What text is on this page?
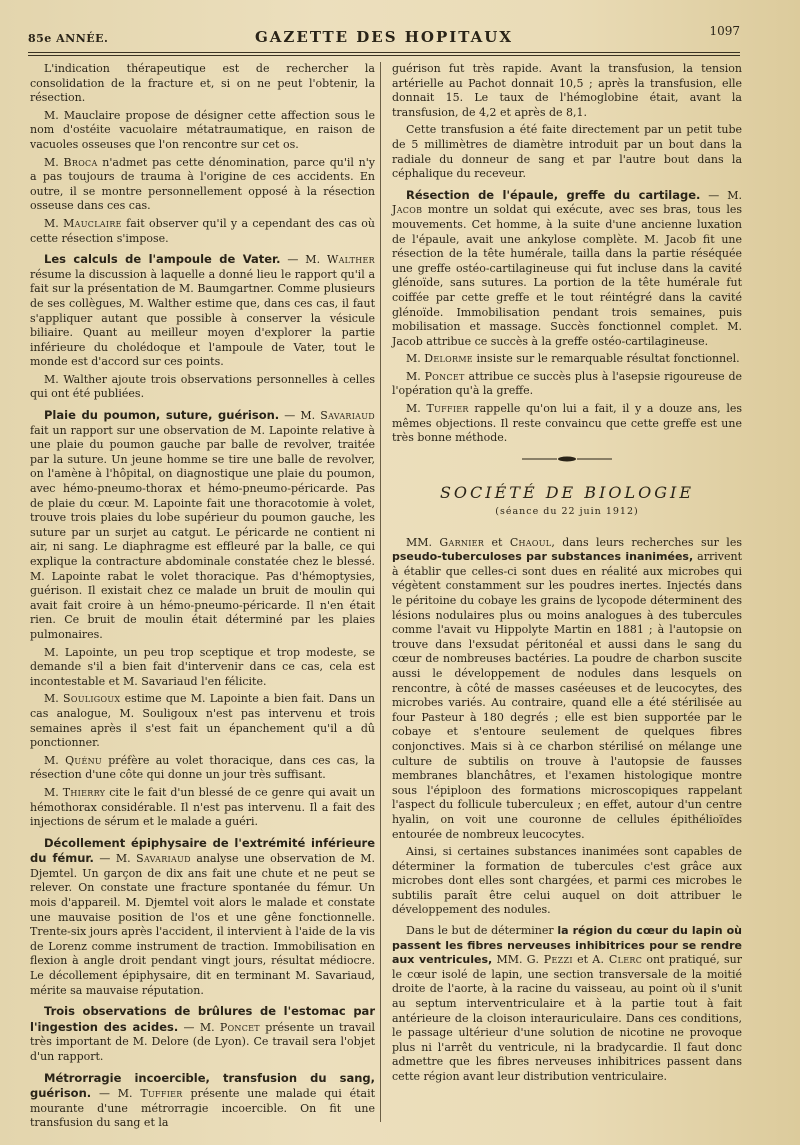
85e ANNÉE.	GAZETTE DES HOPITAUX	1097

L'indication thérapeutique est de rechercher la consolidation de la fracture et, si on ne peut l'obtenir, la résection.

M. Mauclaire propose de désigner cette affection sous le nom d'ostéite vacuolaire métatraumatique, en raison de vacuoles osseuses que l'on rencontre sur cet os.

M. Broca n'admet pas cette dénomination, parce qu'il n'y a pas toujours de trauma à l'origine de ces accidents. En outre, il se montre personnellement opposé à la résection osseuse dans ces cas.

M. Mauclaire fait observer qu'il y a cependant des cas où cette résection s'impose.

Les calculs de l'ampoule de Vater. — M. Walther résume la discussion à laquelle a donné lieu le rapport qu'il a fait sur la présentation de M. Baumgartner. Comme plusieurs de ses collègues, M. Walther estime que, dans ces cas, il faut s'appliquer autant que possible à conserver la vésicule biliaire. Quant au meilleur moyen d'explorer la partie inférieure du cholédoque et l'ampoule de Vater, tout le monde est d'accord sur ces points.

M. Walther ajoute trois observations personnelles à celles qui ont été publiées.

Plaie du poumon, suture, guérison. — M. Savariaud fait un rapport sur une observation de M. Lapointe relative à une plaie du poumon gauche par balle de revolver, traitée par la suture. Un jeune homme se tire une balle de revolver, on l'amène à l'hôpital, on diagnostique une plaie du poumon, avec hémo-pneumo-thorax et hémo-pneumo-péricarde. Pas de plaie du cœur. M. Lapointe fait une thoracotomie à volet, trouve trois plaies du lobe supérieur du poumon gauche, les suture par un surjet au catgut. Le péricarde ne contient ni air, ni sang. Le diaphragme est effleuré par la balle, ce qui explique la contracture abdominale constatée chez le blessé. M. Lapointe rabat le volet thoracique. Pas d'hémoptysies, guérison. Il existait chez ce malade un bruit de moulin qui avait fait croire à un hémo-pneumo-péricarde. Il n'en était rien. Ce bruit de moulin était déterminé par les plaies pulmonaires.

M. Lapointe, un peu trop sceptique et trop modeste, se demande s'il a bien fait d'intervenir dans ce cas, cela est incontestable et M. Savariaud l'en félicite.

M. Souligoux estime que M. Lapointe a bien fait. Dans un cas analogue, M. Souligoux n'est pas intervenu et trois semaines après il s'est fait un épanchement qu'il a dû ponctionner.

M. Quénu préfère au volet thoracique, dans ces cas, la résection d'une côte qui donne un jour très suffisant.

M. Thierry cite le fait d'un blessé de ce genre qui avait un hémothorax considérable. Il n'est pas intervenu. Il a fait des injections de sérum et le malade a guéri.

Décollement épiphysaire de l'extrémité inférieure du fémur. — M. Savariaud analyse une observation de M. Djemtel. Un garçon de dix ans fait une chute et ne peut se relever. On constate une fracture spontanée du fémur. Un mois d'appareil. M. Djemtel voit alors le malade et constate une mauvaise position de l'os et une gêne fonctionnelle. Trente-six jours après l'accident, il intervient à l'aide de la vis de Lorenz comme instrument de traction. Immobilisation en flexion à angle droit pendant vingt jours, résultat médiocre. Le décollement épiphysaire, dit en terminant M. Savariaud, mérite sa mauvaise réputation.

Trois observations de brûlures de l'estomac par l'ingestion des acides. — M. Poncet présente un travail très important de M. Delore (de Lyon). Ce travail sera l'objet d'un rapport.

Métrorragie incoercible, transfusion du sang, guérison. — M. Tuffier présente une malade qui était mourante d'une métrorragie incoercible. On fit une transfusion du sang et la

guérison fut très rapide. Avant la transfusion, la tension artérielle au Pachot donnait 10,5 ; après la transfusion, elle donnait 15. Le taux de l'hémoglobine était, avant la transfusion, de 4,2 et après de 8,1.

Cette transfusion a été faite directement par un petit tube de 5 millimètres de diamètre introduit par un bout dans la radiale du donneur de sang et par l'autre bout dans la céphalique du receveur.

Résection de l'épaule, greffe du cartilage. — M. Jacob montre un soldat qui exécute, avec ses bras, tous les mouvements. Cet homme, à la suite d'une ancienne luxation de l'épaule, avait une ankylose complète. M. Jacob fit une résection de la tête humérale, tailla dans la partie réséquée une greffe ostéo-cartilagineuse qui fut incluse dans la cavité glénoïde, sans sutures. La portion de la tête humérale fut coiffée par cette greffe et le tout réintégré dans la cavité glénoïde. Immobilisation pendant trois semaines, puis mobilisation et massage. Succès fonctionnel complet. M. Jacob attribue ce succès à la greffe ostéo-cartilagineuse.

M. Delorme insiste sur le remarquable résultat fonctionnel.

M. Poncet attribue ce succès plus à l'asepsie rigoureuse de l'opération qu'à la greffe.

M. Tuffier rappelle qu'on lui a fait, il y a douze ans, les mêmes objections. Il reste convaincu que cette greffe est une très bonne méthode.

SOCIÉTÉ DE BIOLOGIE
(séance du 22 juin 1912)

MM. Garnier et Chaoul, dans leurs recherches sur les pseudo-tuberculoses par substances inanimées, arrivent à établir que celles-ci sont dues en réalité aux microbes qui végètent constamment sur les poudres inertes. Injectés dans le péritoine du cobaye les grains de lycopode déterminent des lésions nodulaires plus ou moins analogues à des tubercules comme l'avait vu Hippolyte Martin en 1881 ; à l'autopsie on trouve dans l'exsudat péritonéal et aussi dans le sang du cœur de nombreuses bactéries. La poudre de charbon suscite aussi le développement de nodules dans lesquels on rencontre, à côté de masses caséeuses et de leucocytes, des microbes variés. Au contraire, quand elle a été stérilisée au four Pasteur à 180 degrés ; elle est bien supportée par le cobaye et s'entoure seulement de quelques fibres conjonctives. Mais si à ce charbon stérilisé on mélange une culture de subtilis on trouve à l'autopsie de fausses membranes blanchâtres, et l'examen histologique montre sous l'épiploon des formations microscopiques rappelant l'aspect du follicule tuberculeux ; en effet, autour d'un centre hyalin, on voit une couronne de cellules épithélioïdes entourée de nombreux leucocytes.

Ainsi, si certaines substances inanimées sont capables de déterminer la formation de tubercules c'est grâce aux microbes dont elles sont chargées, et parmi ces microbes le subtilis paraît être celui auquel on doit attribuer le développement des nodules.

Dans le but de déterminer la région du cœur du lapin où passent les fibres nerveuses inhibitrices pour se rendre aux ventricules, MM. G. Pezzi et A. Clerc ont pratiqué, sur le cœur isolé de lapin, une section transversale de la moitié droite de l'aorte, à la racine du vaisseau, au point où il s'unit au septum interventriculaire et à la partie tout à fait antérieure de la cloison interauriculaire. Dans ces conditions, le passage ultérieur d'une solution de nicotine ne provoque plus ni l'arrêt du ventricule, ni la bradycardie. Il faut donc admettre que les fibres nerveuses inhibitrices passent dans cette région avant leur distribution ventriculaire.
